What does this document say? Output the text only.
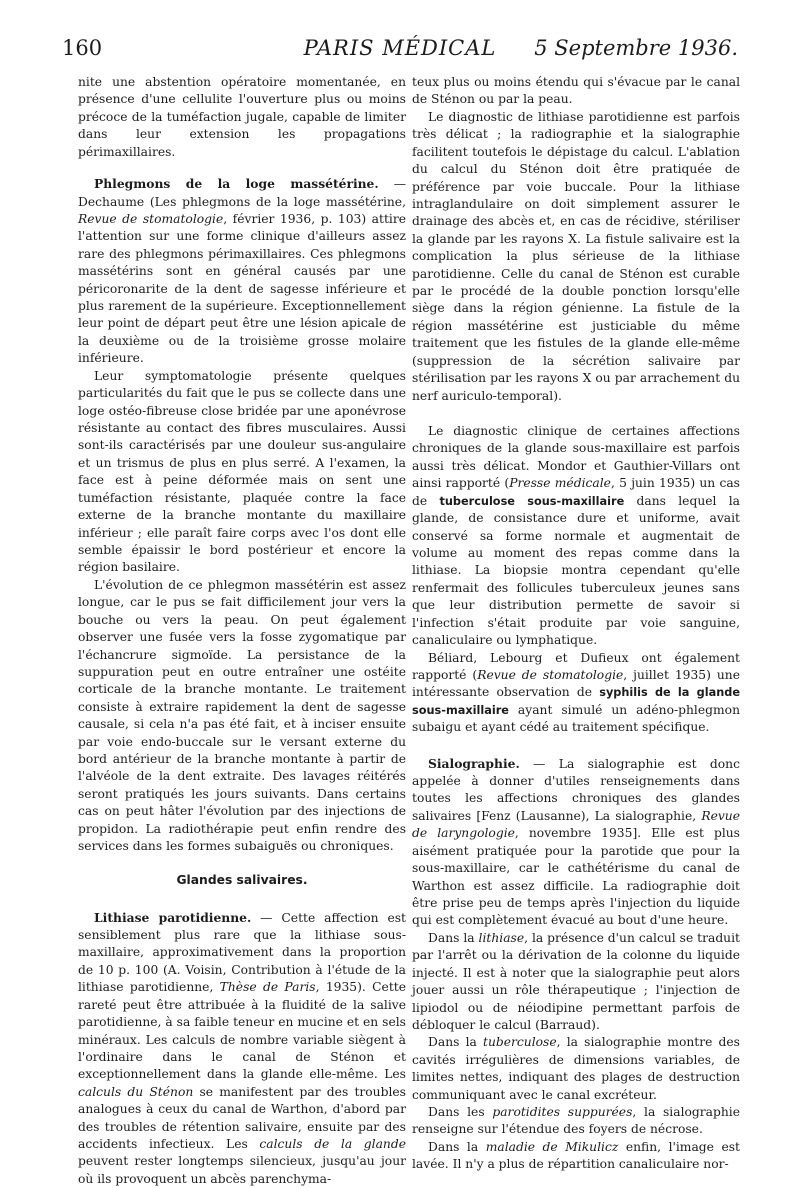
160	PARIS MÉDICAL	5 Septembre 1936.

nite une abstention opératoire momentanée, en présence d'une cellulite l'ouverture plus ou moins précoce de la tuméfaction jugale, capable de limiter dans leur extension les propagations périmaxillaires.

Phlegmons de la loge massétérine. — Dechaume (Les phlegmons de la loge massétérine, Revue de stomatologie, février 1936, p. 103) attire l'attention sur une forme clinique d'ailleurs assez rare des phlegmons périmaxillaires. Ces phlegmons massétérins sont en général causés par une péricoronarite de la dent de sagesse inférieure et plus rarement de la supérieure. Exceptionnellement leur point de départ peut être une lésion apicale de la deuxième ou de la troisième grosse molaire inférieure.

Leur symptomatologie présente quelques particularités du fait que le pus se collecte dans une loge ostéo-fibreuse close bridée par une aponévrose résistante au contact des fibres musculaires. Aussi sont-ils caractérisés par une douleur sus-angulaire et un trismus de plus en plus serré. A l'examen, la face est à peine déformée mais on sent une tuméfaction résistante, plaquée contre la face externe de la branche montante du maxillaire inférieur ; elle paraît faire corps avec l'os dont elle semble épaissir le bord postérieur et encore la région basilaire.

L'évolution de ce phlegmon massétérin est assez longue, car le pus se fait difficilement jour vers la bouche ou vers la peau. On peut également observer une fusée vers la fosse zygomatique par l'échancrure sigmoïde. La persistance de la suppuration peut en outre entraîner une ostéite corticale de la branche montante. Le traitement consiste à extraire rapidement la dent de sagesse causale, si cela n'a pas été fait, et à inciser ensuite par voie endo-buccale sur le versant externe du bord antérieur de la branche montante à partir de l'alvéole de la dent extraite. Des lavages réitérés seront pratiqués les jours suivants. Dans certains cas on peut hâter l'évolution par des injections de propidon. La radiothérapie peut enfin rendre des services dans les formes subaiguës ou chroniques.

Glandes salivaires.

Lithiase parotidienne. — Cette affection est sensiblement plus rare que la lithiase sous-maxillaire, approximativement dans la proportion de 10 p. 100 (A. Voisin, Contribution à l'étude de la lithiase parotidienne, Thèse de Paris, 1935). Cette rareté peut être attribuée à la fluidité de la salive parotidienne, à sa faible teneur en mucine et en sels minéraux. Les calculs de nombre variable siègent à l'ordinaire dans le canal de Sténon et exceptionnellement dans la glande elle-même. Les calculs du Sténon se manifestent par des troubles analogues à ceux du canal de Warthon, d'abord par des troubles de rétention salivaire, ensuite par des accidents infectieux. Les calculs de la glande peuvent rester longtemps silencieux, jusqu'au jour où ils provoquent un abcès parenchyma-

teux plus ou moins étendu qui s'évacue par le canal de Sténon ou par la peau.

Le diagnostic de lithiase parotidienne est parfois très délicat ; la radiographie et la sialographie facilitent toutefois le dépistage du calcul. L'ablation du calcul du Sténon doit être pratiquée de préférence par voie buccale. Pour la lithiase intraglandulaire on doit simplement assurer le drainage des abcès et, en cas de récidive, stériliser la glande par les rayons X. La fistule salivaire est la complication la plus sérieuse de la lithiase parotidienne. Celle du canal de Sténon est curable par le procédé de la double ponction lorsqu'elle siège dans la région génienne. La fistule de la région massétérine est justiciable du même traitement que les fistules de la glande elle-même (suppression de la sécrétion salivaire par stérilisation par les rayons X ou par arrachement du nerf auriculo-temporal).

Le diagnostic clinique de certaines affections chroniques de la glande sous-maxillaire est parfois aussi très délicat. Mondor et Gauthier-Villars ont ainsi rapporté (Presse médicale, 5 juin 1935) un cas de tuberculose sous-maxillaire dans lequel la glande, de consistance dure et uniforme, avait conservé sa forme normale et augmentait de volume au moment des repas comme dans la lithiase. La biopsie montra cependant qu'elle renfermait des follicules tuberculeux jeunes sans que leur distribution permette de savoir si l'infection s'était produite par voie sanguine, canaliculaire ou lymphatique.

Béliard, Lebourg et Dufieux ont également rapporté (Revue de stomatologie, juillet 1935) une intéressante observation de syphilis de la glande sous-maxillaire ayant simulé un adéno-phlegmon subaigu et ayant cédé au traitement spécifique.

Sialographie. — La sialographie est donc appelée à donner d'utiles renseignements dans toutes les affections chroniques des glandes salivaires [Fenz (Lausanne), La sialographie, Revue de laryngologie, novembre 1935]. Elle est plus aisément pratiquée pour la parotide que pour la sous-maxillaire, car le cathétérisme du canal de Warthon est assez difficile. La radiographie doit être prise peu de temps après l'injection du liquide qui est complètement évacué au bout d'une heure.

Dans la lithiase, la présence d'un calcul se traduit par l'arrêt ou la dérivation de la colonne du liquide injecté. Il est à noter que la sialographie peut alors jouer aussi un rôle thérapeutique ; l'injection de lipiodol ou de néiodipine permettant parfois de débloquer le calcul (Barraud).

Dans la tuberculose, la sialographie montre des cavités irrégulières de dimensions variables, de limites nettes, indiquant des plages de destruction communiquant avec le canal excréteur.

Dans les parotidites suppurées, la sialographie renseigne sur l'étendue des foyers de nécrose.

Dans la maladie de Mikulicz enfin, l'image est lavée. Il n'y a plus de répartition canaliculaire nor-
